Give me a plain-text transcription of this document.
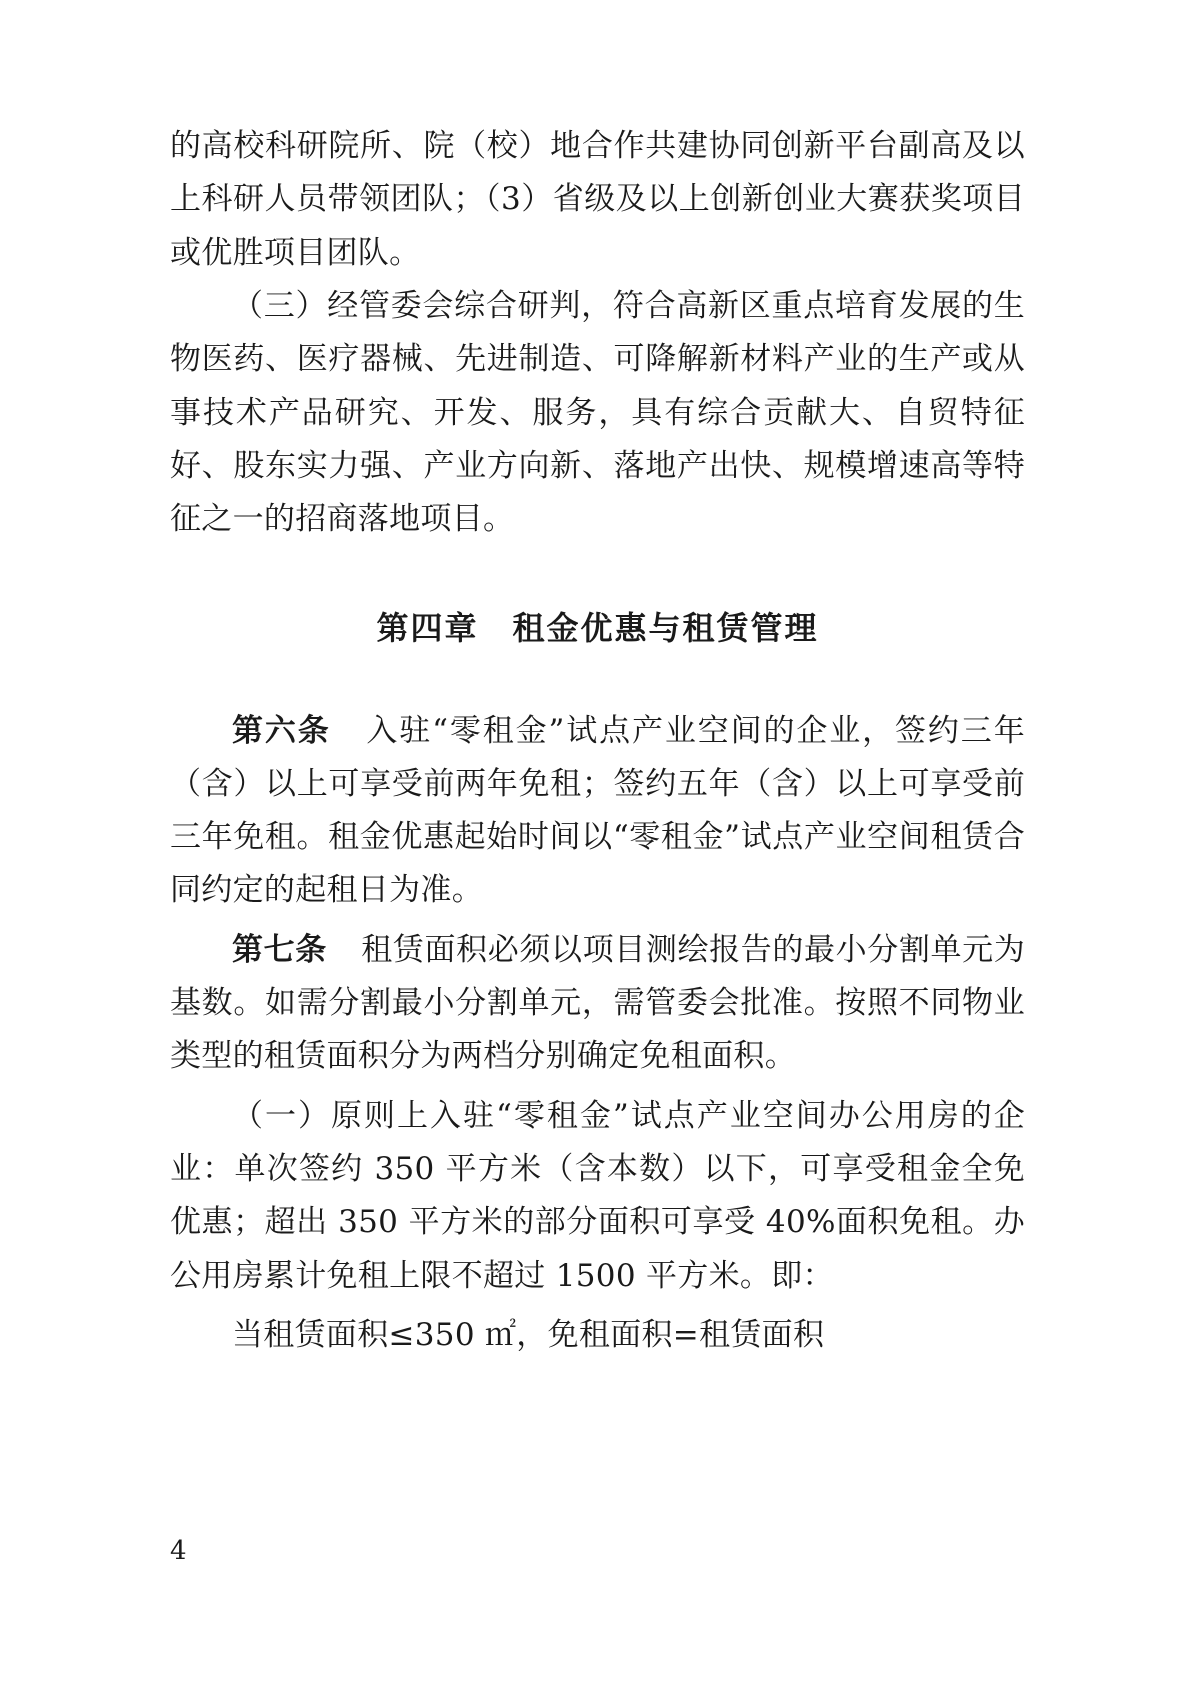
的高校科研院所、院（校）地合作共建协同创新平台副高及以上科研人员带领团队；（3）省级及以上创新创业大赛获奖项目或优胜项目团队。

（三）经管委会综合研判，符合高新区重点培育发展的生物医药、医疗器械、先进制造、可降解新材料产业的生产或从事技术产品研究、开发、服务，具有综合贡献大、自贸特征好、股东实力强、产业方向新、落地产出快、规模增速高等特征之一的招商落地项目。

第四章　租金优惠与租赁管理

第六条 入驻“零租金”试点产业空间的企业，签约三年（含）以上可享受前两年免租；签约五年（含）以上可享受前三年免租。租金优惠起始时间以“零租金”试点产业空间租赁合同约定的起租日为准。

第七条 租赁面积必须以项目测绘报告的最小分割单元为基数。如需分割最小分割单元，需管委会批准。按照不同物业类型的租赁面积分为两档分别确定免租面积。

（一）原则上入驻“零租金”试点产业空间办公用房的企业：单次签约 350 平方米（含本数）以下，可享受租金全免优惠；超出 350 平方米的部分面积可享受 40%面积免租。办公用房累计免租上限不超过 1500 平方米。即：

当租赁面积≤350 ㎡，免租面积=租赁面积

4
